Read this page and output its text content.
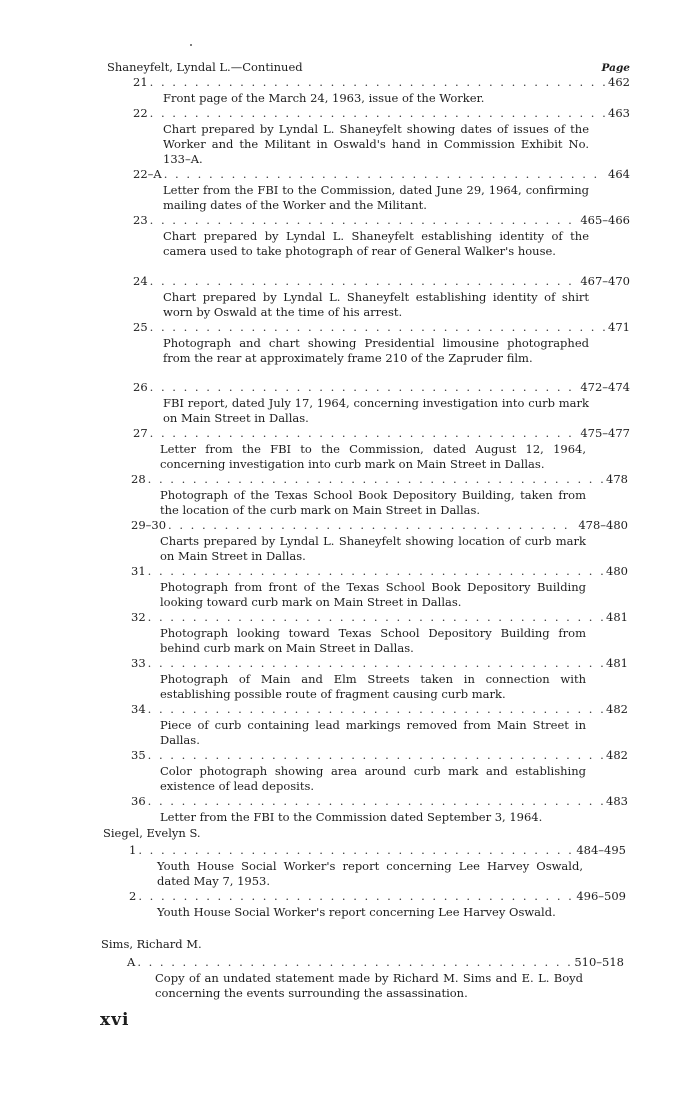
Shaneyfelt, Lyndal L.—Continued	Page
21 . . .	462
Front page of the March 24, 1963, issue of the Worker.
22 . . .	463
Chart prepared by Lyndal L. Shaneyfelt showing dates of issues of the Worker and the Militant in Oswald's hand in Commission Exhibit No. 133–A.
22–A . . .	464
Letter from the FBI to the Commission, dated June 29, 1964, confirming mailing dates of the Worker and the Militant.
23 . . .	465–466
Chart prepared by Lyndal L. Shaneyfelt establishing identity of the camera used to take photograph of rear of General Walker's house.
24 . . .	467–470
Chart prepared by Lyndal L. Shaneyfelt establishing identity of shirt worn by Oswald at the time of his arrest.
25 . . .	471
Photograph and chart showing Presidential limousine photographed from the rear at approximately frame 210 of the Zapruder film.
26 . . .	472–474
FBI report, dated July 17, 1964, concerning investigation into curb mark on Main Street in Dallas.
27 . . .	475–477
Letter from the FBI to the Commission, dated August 12, 1964, concerning investigation into curb mark on Main Street in Dallas.
28 . . .	478
Photograph of the Texas School Book Depository Building, taken from the location of the curb mark on Main Street in Dallas.
29–30 . . .	478–480
Charts prepared by Lyndal L. Shaneyfelt showing location of curb mark on Main Street in Dallas.
31 . . .	480
Photograph from front of the Texas School Book Depository Building looking toward curb mark on Main Street in Dallas.
32 . . .	481
Photograph looking toward Texas School Depository Building from behind curb mark on Main Street in Dallas.
33 . . .	481
Photograph of Main and Elm Streets taken in connection with establishing possible route of fragment causing curb mark.
34 . . .	482
Piece of curb containing lead markings removed from Main Street in Dallas.
35 . . .	482
Color photograph showing area around curb mark and establishing existence of lead deposits.
36 . . .	483
Letter from the FBI to the Commission dated September 3, 1964.
Siegel, Evelyn S.
1 . . .	484–495
Youth House Social Worker's report concerning Lee Harvey Oswald, dated May 7, 1953.
2 . . .	496–509
Youth House Social Worker's report concerning Lee Harvey Oswald.
Sims, Richard M.
A . . .	510–518
Copy of an undated statement made by Richard M. Sims and E. L. Boyd concerning the events surrounding the assassination.
xvi
